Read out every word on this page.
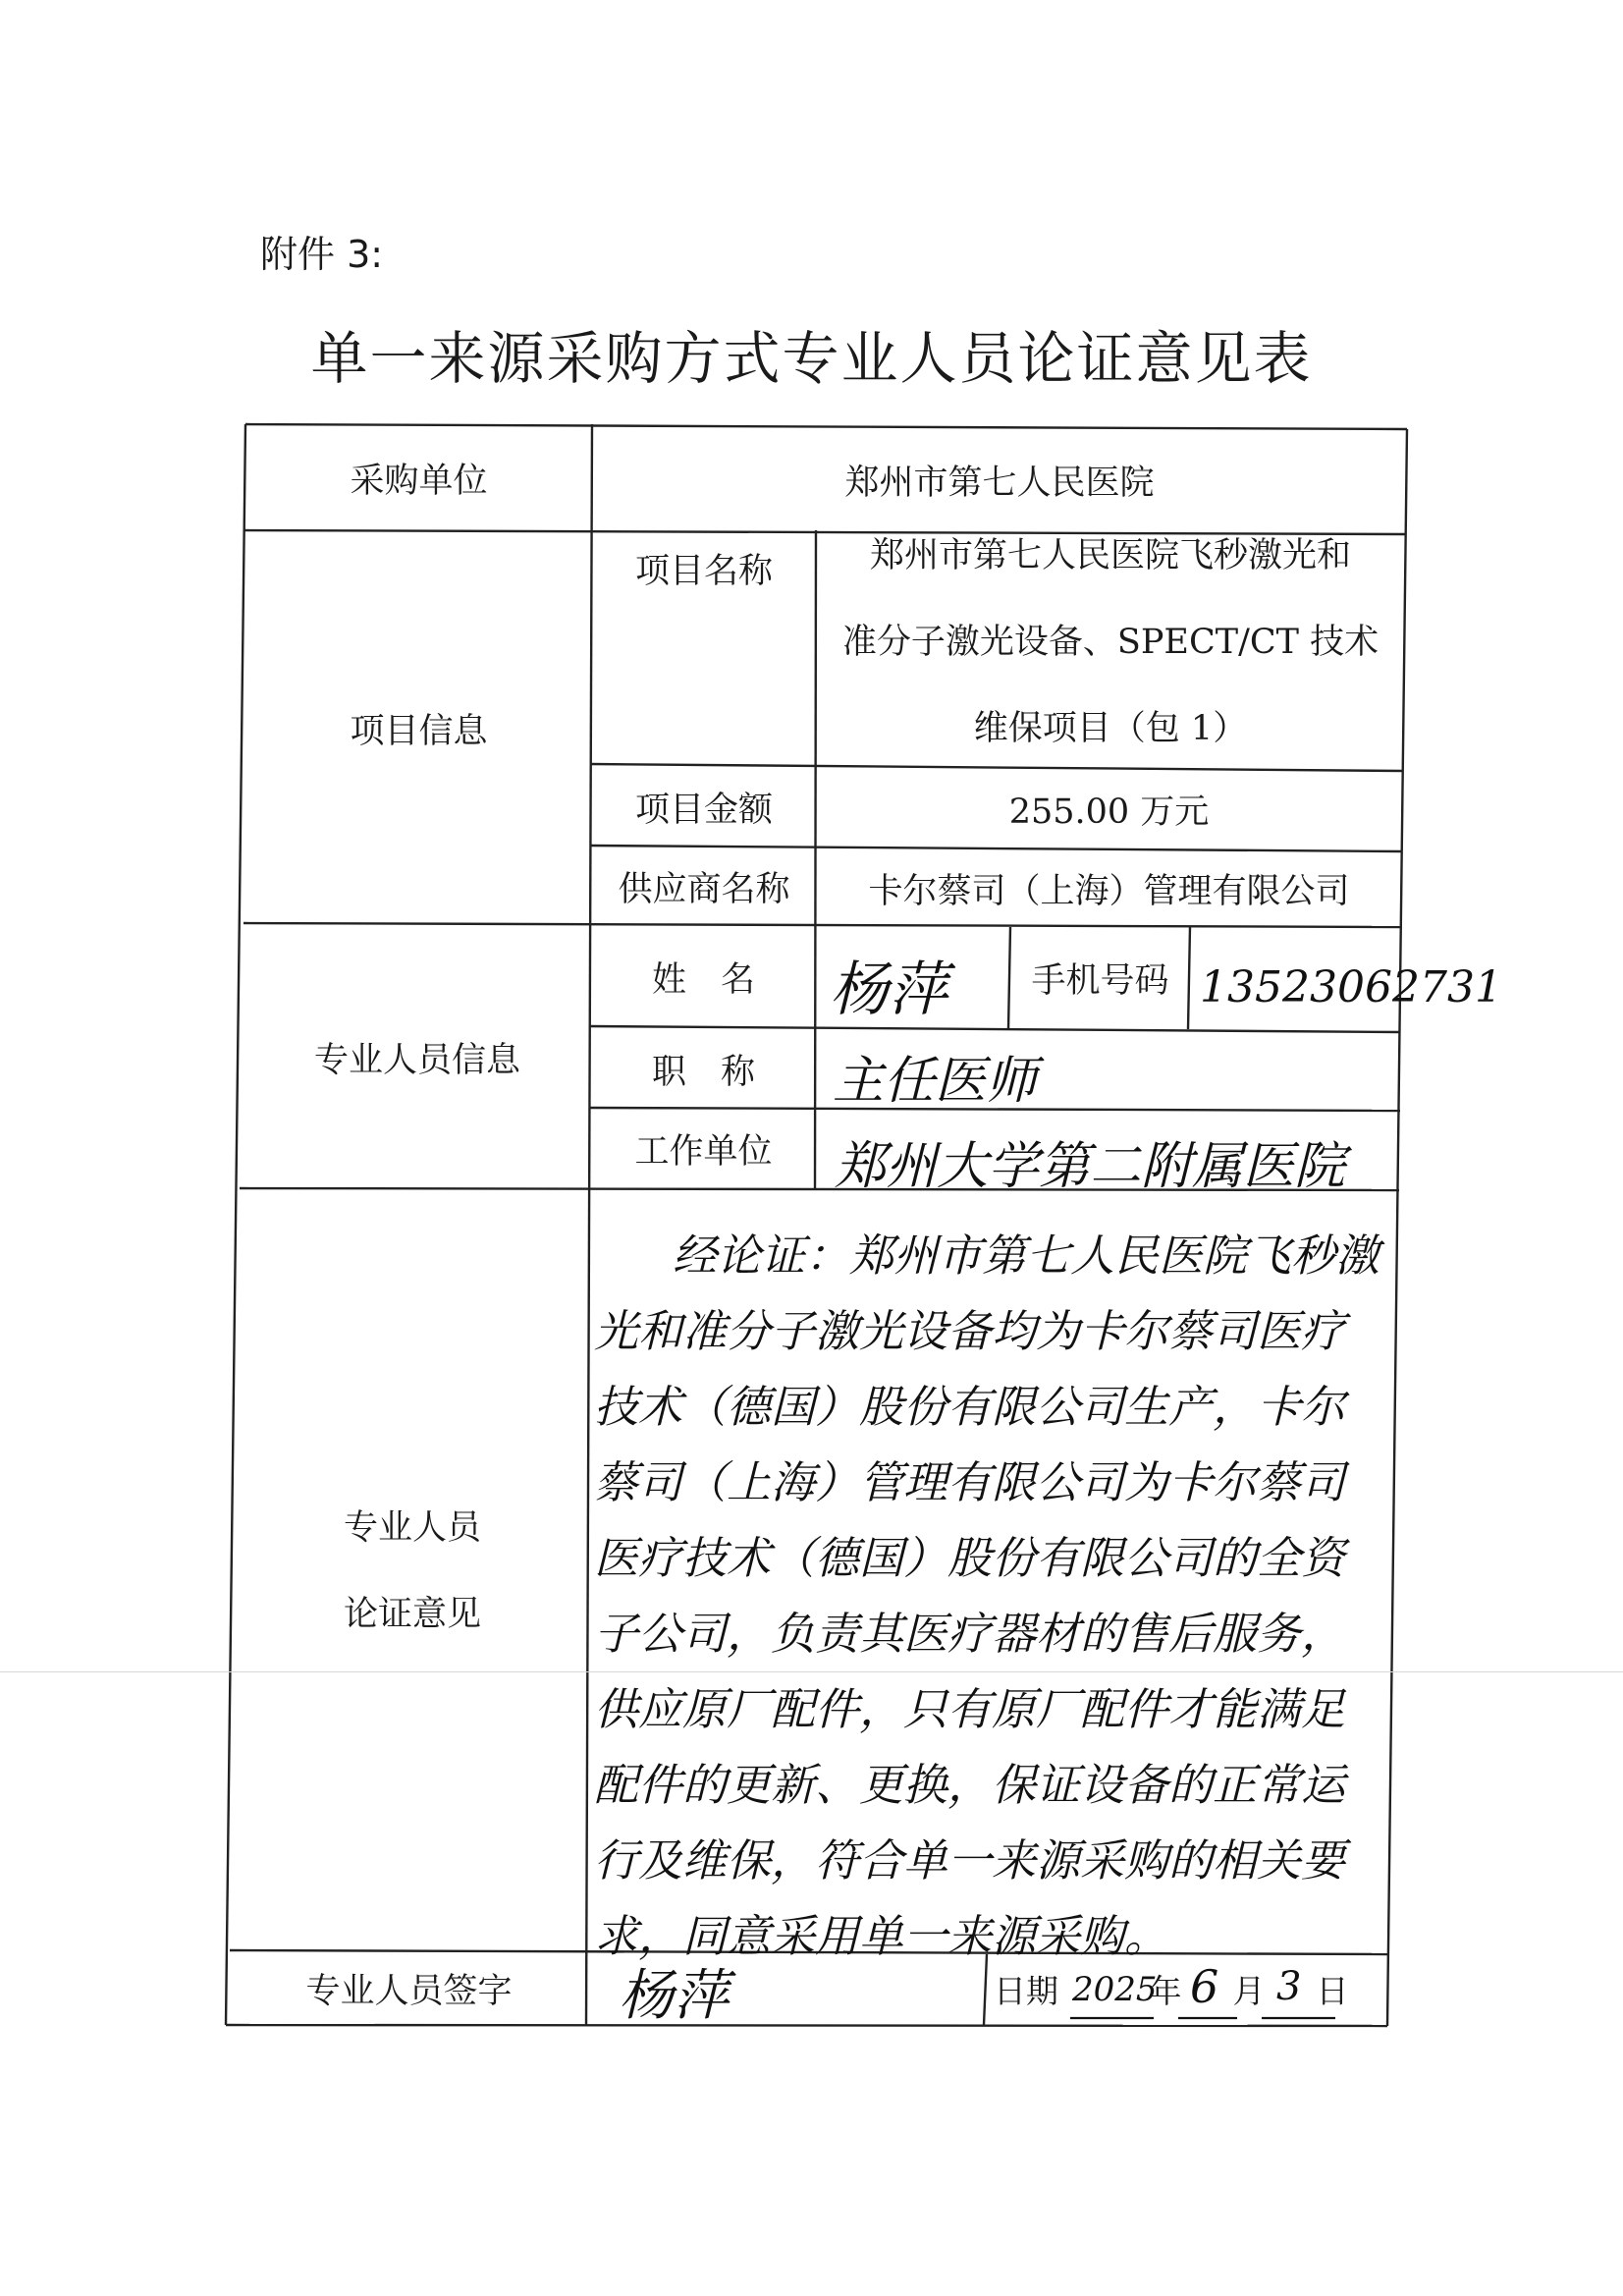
附件 3:
单一来源采购方式专业人员论证意见表
采购单位	郑州市第七人民医院
项目信息
项目名称	郑州市第七人民医院飞秒激光和
准分子激光设备、SPECT/CT 技术
维保项目（包 1）
项目金额	255.00 万元
供应商名称	卡尔蔡司（上海）管理有限公司
专业人员信息
姓　名	杨萍	手机号码 13523062731
职　称	主任医师
工作单位	郑州大学第二附属医院
专业人员
论证意见
经论证：郑州市第七人民医院飞秒激光和准分子激光设备均为卡尔蔡司医疗技术（德国）股份有限公司生产，卡尔蔡司（上海）管理有限公司为卡尔蔡司医疗技术（德国）股份有限公司的全资子公司，负责其医疗器材的售后服务，供应原厂配件，只有原厂配件才能满足配件的更新、更换，保证设备的正常运行及维保，符合单一来源采购的相关要求，同意采用单一来源采购。
专业人员签字	杨萍	日期 2025
年 6 月 3 日
